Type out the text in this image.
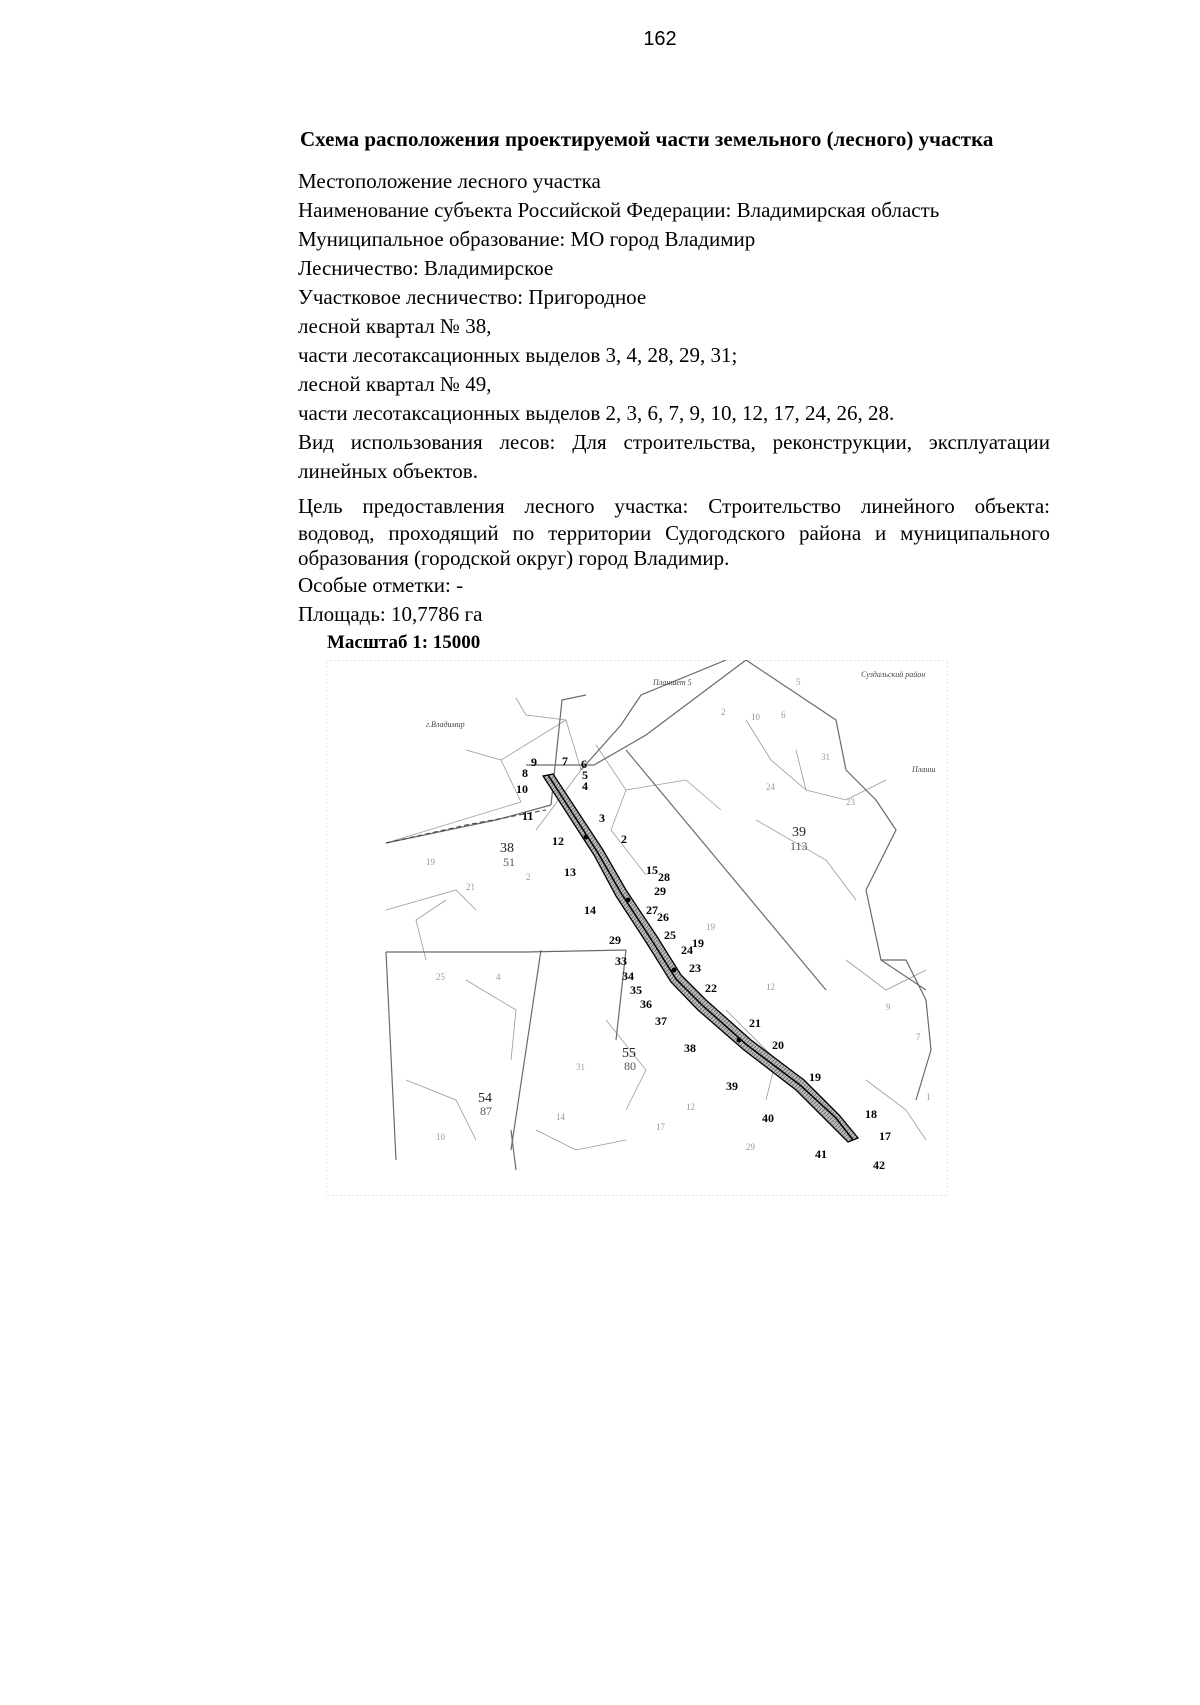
162
Схема расположения проектируемой части земельного (лесного) участка
Местоположение лесного участка
Наименование субъекта Российской Федерации: Владимирская область
Муниципальное образование: МО город Владимир
Лесничество: Владимирское
Участковое лесничество: Пригородное
лесной квартал № 38,
части лесотаксационных выделов 3, 4, 28, 29, 31;
лесной квартал № 49,
части лесотаксационных выделов 2, 3, 6, 7, 9, 10, 12, 17, 24, 26, 28.
Вид использования лесов: Для строительства, реконструкции, эксплуатации
линейных объектов.
Цель предоставления лесного участка: Строительство линейного объекта:
водовод, проходящий по территории Судогодского района и муниципального
образования (городской округ) город Владимир.
Особые отметки: -
Площадь: 10,7786 га
Масштаб 1: 15000
г.Владимир
Планшет 5
Суздальский район
Планш
38
51
39
113
55
80
54
87
2	10 6
5
24
23
31
21
2
19
25	4
19
12
9
31
17
12
14
10
29
7
1
9
8
7 6
5
4
10
11	3
12	2
13	15 28
29
14	27 26
25
29
24 19
33	23
34
35	22
36
37	21
38	20
19
39
40	18
17
41
42
